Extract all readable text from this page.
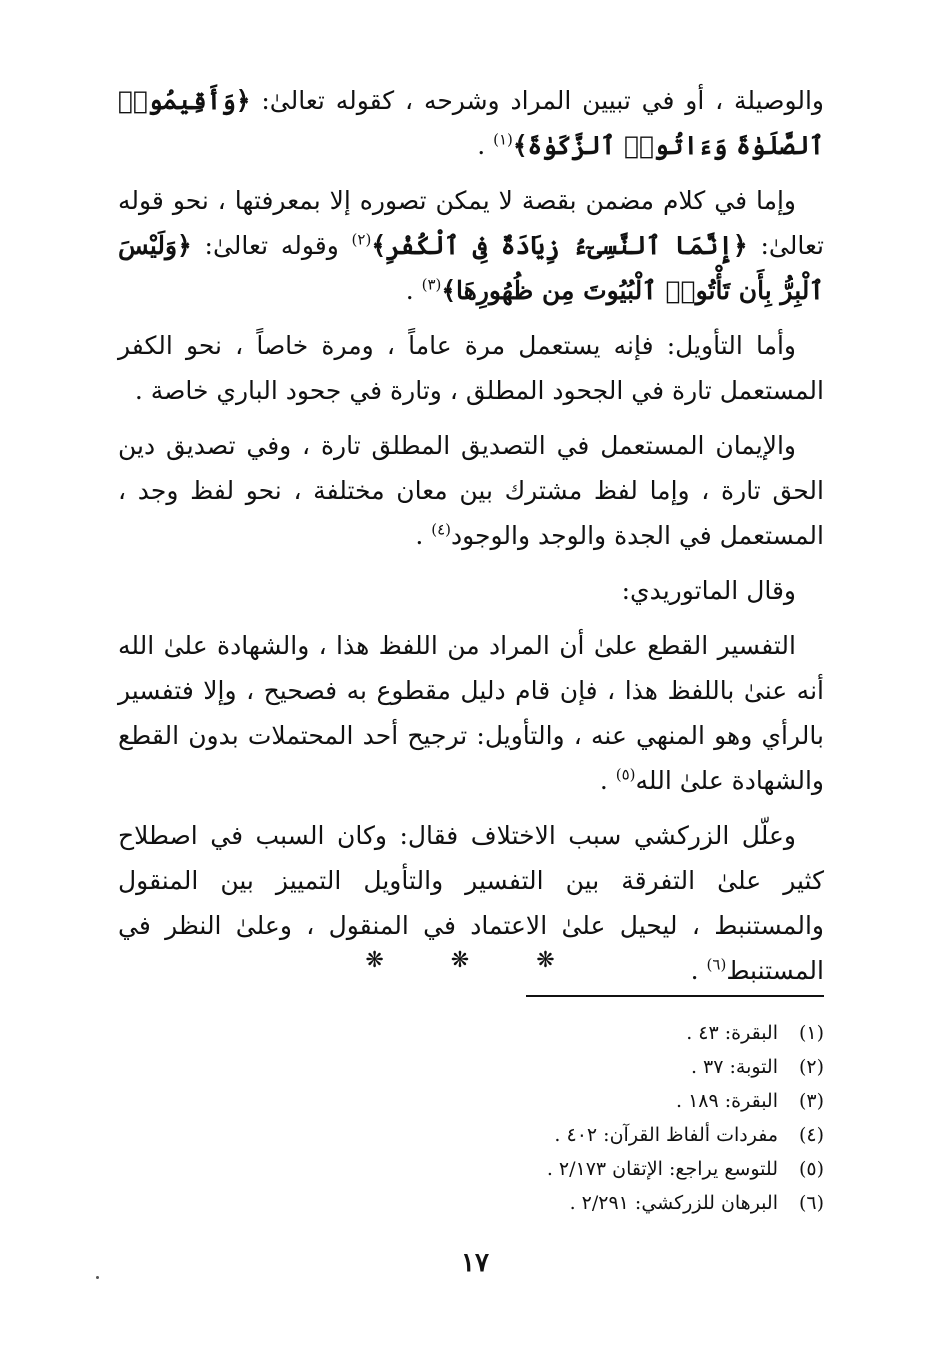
والوصيلة ، أو في تبيين المراد وشرحه ، كقوله تعالىٰ: ﴿وَأَقِيمُوا۟ ٱلصَّلَوٰةَ وَءَاتُوا۟ ٱلزَّكَوٰةَ﴾$^{(١)}$ .

وإما في كلام مضمن بقصة لا يمكن تصوره إلا بمعرفتها ، نحو قوله تعالىٰ: ﴿إِنَّمَا ٱلنَّسِىٓءُ زِيَادَةٌ فِى ٱلْكُفْرِ﴾$^{(٢)}$ وقوله تعالىٰ: ﴿وَلَيْسَ ٱلْبِرُّ بِأَن تَأْتُوا۟ ٱلْبُيُوتَ مِن ظُهُورِهَا﴾$^{(٣)}$ .

وأما التأويل: فإنه يستعمل مرة عاماً ، ومرة خاصاً ، نحو الكفر المستعمل تارة في الجحود المطلق ، وتارة في جحود الباري خاصة .

والإيمان المستعمل في التصديق المطلق تارة ، وفي تصديق دين الحق تارة ، وإما لفظ مشترك بين معان مختلفة ، نحو لفظ وجد ، المستعمل في الجدة والوجد والوجود$^{(٤)}$ .

وقال الماتوريدي:

التفسير القطع علىٰ أن المراد من اللفظ هذا ، والشهادة علىٰ الله أنه عنىٰ باللفظ هذا ، فإن قام دليل مقطوع به فصحيح ، وإلا فتفسير بالرأي وهو المنهي عنه ، والتأويل: ترجيح أحد المحتملات بدون القطع والشهادة علىٰ الله$^{(٥)}$ .

وعلّل الزركشي سبب الاختلاف فقال: وكان السبب في اصطلاح كثير علىٰ التفرقة بين التفسير والتأويل التمييز بين المنقول والمستنبط ، ليحيل علىٰ الاعتماد في المنقول ، وعلىٰ النظر في المستنبط$^{(٦)}$ .

❋ ❋ ❋
(١)
البقرة: ٤٣ .
(٢)
التوبة: ٣٧ .
(٣)
البقرة: ١٨٩ .
(٤)
مفردات ألفاظ القرآن: ٤٠٢ .
(٥)
للتوسع يراجع: الإتقان ٢/١٧٣ .
(٦)
البرهان للزركشي: ٢/٢٩١ .
١٧
